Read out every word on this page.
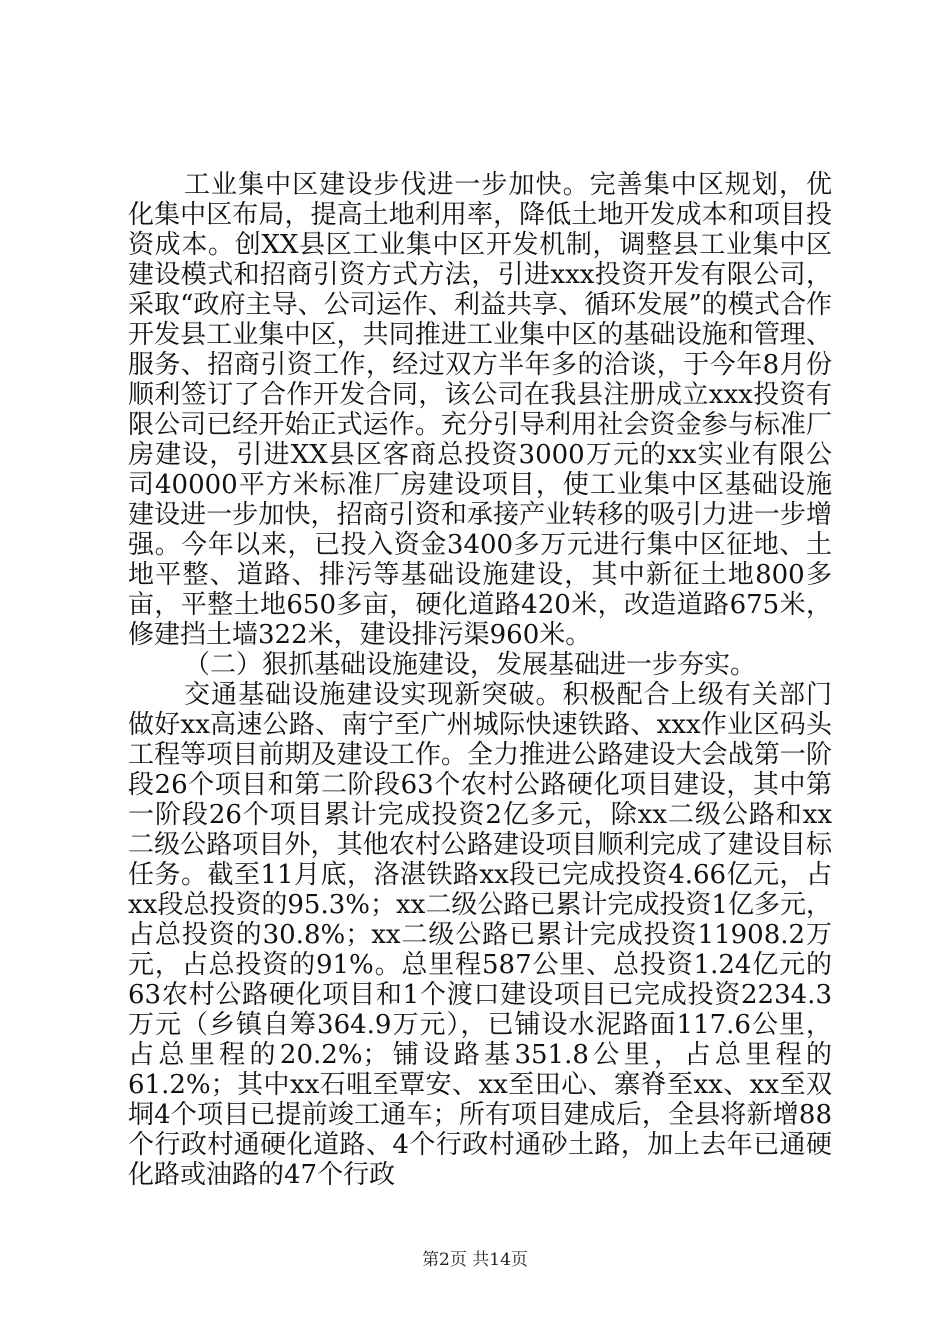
工业集中区建设步伐进一步加快。完善集中区规划，优化集中区布局，提高土地利用率，降低土地开发成本和项目投资成本。创XX县区工业集中区开发机制，调整县工业集中区建设模式和招商引资方式方法，引进xxx投资开发有限公司，采取“政府主导、公司运作、利益共享、循环发展”的模式合作开发县工业集中区，共同推进工业集中区的基础设施和管理、服务、招商引资工作，经过双方半年多的洽谈，于今年8月份顺利签订了合作开发合同，该公司在我县注册成立xxx投资有限公司已经开始正式运作。充分引导利用社会资金参与标准厂房建设，引进XX县区客商总投资3000万元的xx实业有限公司40000平方米标准厂房建设项目，使工业集中区基础设施建设进一步加快，招商引资和承接产业转移的吸引力进一步增强。今年以来，已投入资金3400多万元进行集中区征地、土地平整、道路、排污等基础设施建设，其中新征土地800多亩，平整土地650多亩，硬化道路420米，改造道路675米，修建挡土墙322米，建设排污渠960米。

（二）狠抓基础设施建设，发展基础进一步夯实。

交通基础设施建设实现新突破。积极配合上级有关部门做好xx高速公路、南宁至广州城际快速铁路、xxx作业区码头工程等项目前期及建设工作。全力推进公路建设大会战第一阶段26个项目和第二阶段63个农村公路硬化项目建设，其中第一阶段26个项目累计完成投资2亿多元，除xx二级公路和xx二级公路项目外，其他农村公路建设项目顺利完成了建设目标任务。截至11月底，洛湛铁路xx段已完成投资4.66亿元，占xx段总投资的95.3%；xx二级公路已累计完成投资1亿多元，占总投资的30.8%；xx二级公路已累计完成投资11908.2万元，占总投资的91%。总里程587公里、总投资1.24亿元的63农村公路硬化项目和1个渡口建设项目已完成投资2234.3万元（乡镇自筹364.9万元），已铺设水泥路面117.6公里，占总里程的20.2%；铺设路基351.8公里，占总里程的61.2%；其中xx石咀至覃安、xx至田心、寨脊至xx、xx至双垌4个项目已提前竣工通车；所有项目建成后，全县将新增88个行政村通硬化道路、4个行政村通砂土路，加上去年已通硬化路或油路的47个行政

第2页 共14页
